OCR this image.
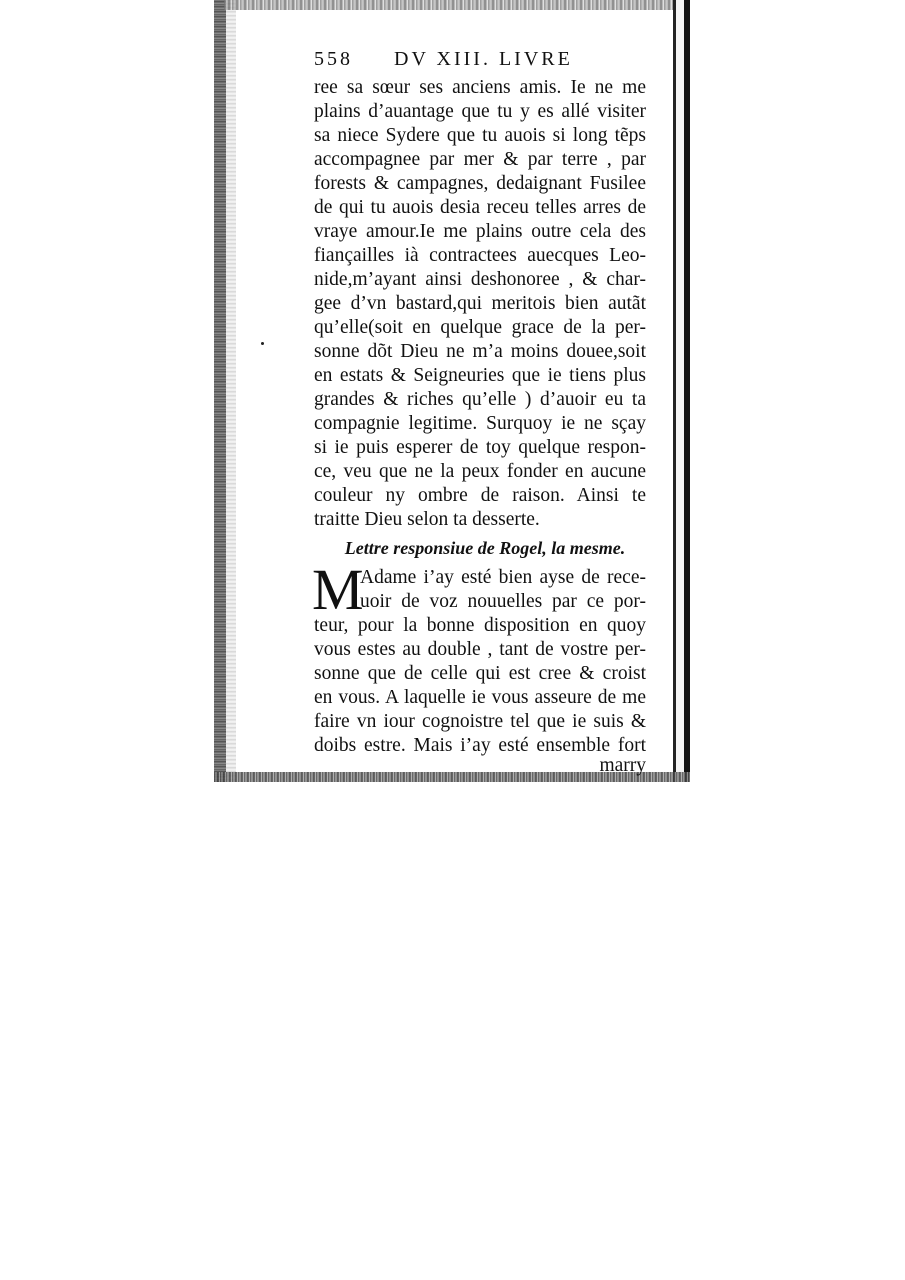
558 DV XIII. LIVRE
ree sa sœur ses anciens amis. Ie ne me
plains d’auantage que tu y es allé visiter
sa niece Sydere que tu auois si long tẽps
accompagnee par mer & par terre , par
forests & campagnes, dedaignant Fusilee
de qui tu auois desia receu telles arres de
vraye amour.Ie me plains outre cela des
fiançailles ià contractees auecques Leo-
nide,m’ayant ainsi deshonoree , & char-
gee d’vn bastard,qui meritois bien autãt
qu’elle(soit en quelque grace de la per-
sonne dõt Dieu ne m’a moins douee,soit
en estats & Seigneuries que ie tiens plus
grandes & riches qu’elle ) d’auoir eu ta
compagnie legitime. Surquoy ie ne sçay
si ie puis esperer de toy quelque respon-
ce, veu que ne la peux fonder en aucune
couleur ny ombre de raison. Ainsi te
traitte Dieu selon ta desserte.
Lettre responsiue de Rogel, la mesme.
M
Adame i’ay esté bien ayse de rece-
uoir de voz nouuelles par ce por-
teur, pour la bonne disposition en quoy
vous estes au double , tant de vostre per-
sonne que de celle qui est cree & croist
en vous. A laquelle ie vous asseure de me
faire vn iour cognoistre tel que ie suis &
doibs estre. Mais i’ay esté ensemble fort
marry
